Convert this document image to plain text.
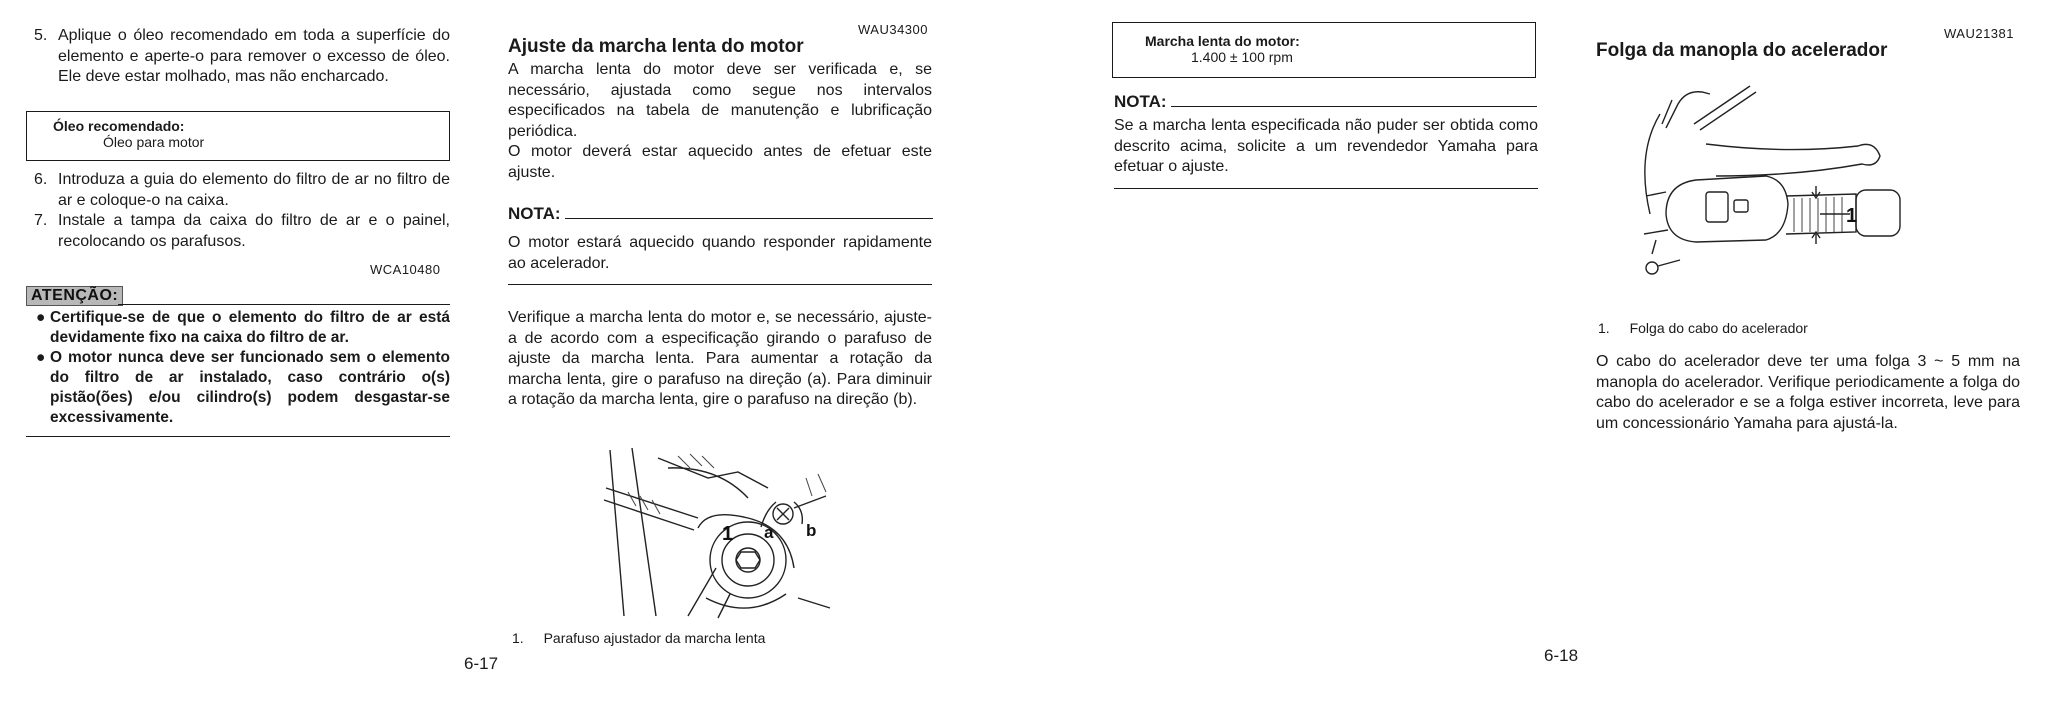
5. Aplique o óleo recomendado em toda a superfície do elemento e aperte-o para remover o excesso de óleo. Ele deve estar molhado, mas não encharcado.
Óleo recomendado:
Óleo para motor
6. Introduza a guia do elemento do filtro de ar no filtro de ar e coloque-o na caixa.
7. Instale a tampa da caixa do filtro de ar e o painel, recolocando os parafusos.
WCA10480
ATENÇÃO:
● Certifique-se de que o elemento do filtro de ar está devidamente fixo na caixa do filtro de ar.
● O motor nunca deve ser funcionado sem o elemento do filtro de ar instalado, caso contrário o(s) pistão(ões) e/ou cilindro(s) podem desgastar-se excessivamente.
WAU34300
Ajuste da marcha lenta do motor

A marcha lenta do motor deve ser verificada e, se necessário, ajustada como segue nos intervalos especificados na tabela de manutenção e lubrificação periódica.

O motor deverá estar aquecido antes de efetuar este ajuste.

NOTA:

O motor estará aquecido quando responder rapidamente ao acelerador.

Verifique a marcha lenta do motor e, se necessário, ajuste-a de acordo com a especificação girando o parafuso de ajuste da marcha lenta. Para aumentar a rotação da marcha lenta, gire o parafuso na direção (a). Para diminuir a rotação da marcha lenta, gire o parafuso na direção (b).

1 a b
1. Parafuso ajustador da marcha lenta
6-17
Marcha lenta do motor:
1.400 ± 100 rpm
NOTA:

Se a marcha lenta especificada não puder ser obtida como descrito acima, solicite a um revendedor Yamaha para efetuar o ajuste.

WAU21381
Folga da manopla do acelerador
1
1. Folga do cabo do acelerador

O cabo do acelerador deve ter uma folga 3 ~ 5 mm na manopla do acelerador. Verifique periodicamente a folga do cabo do acelerador e se a folga estiver incorreta, leve para um concessionário Yamaha para ajustá-la.

6-18
